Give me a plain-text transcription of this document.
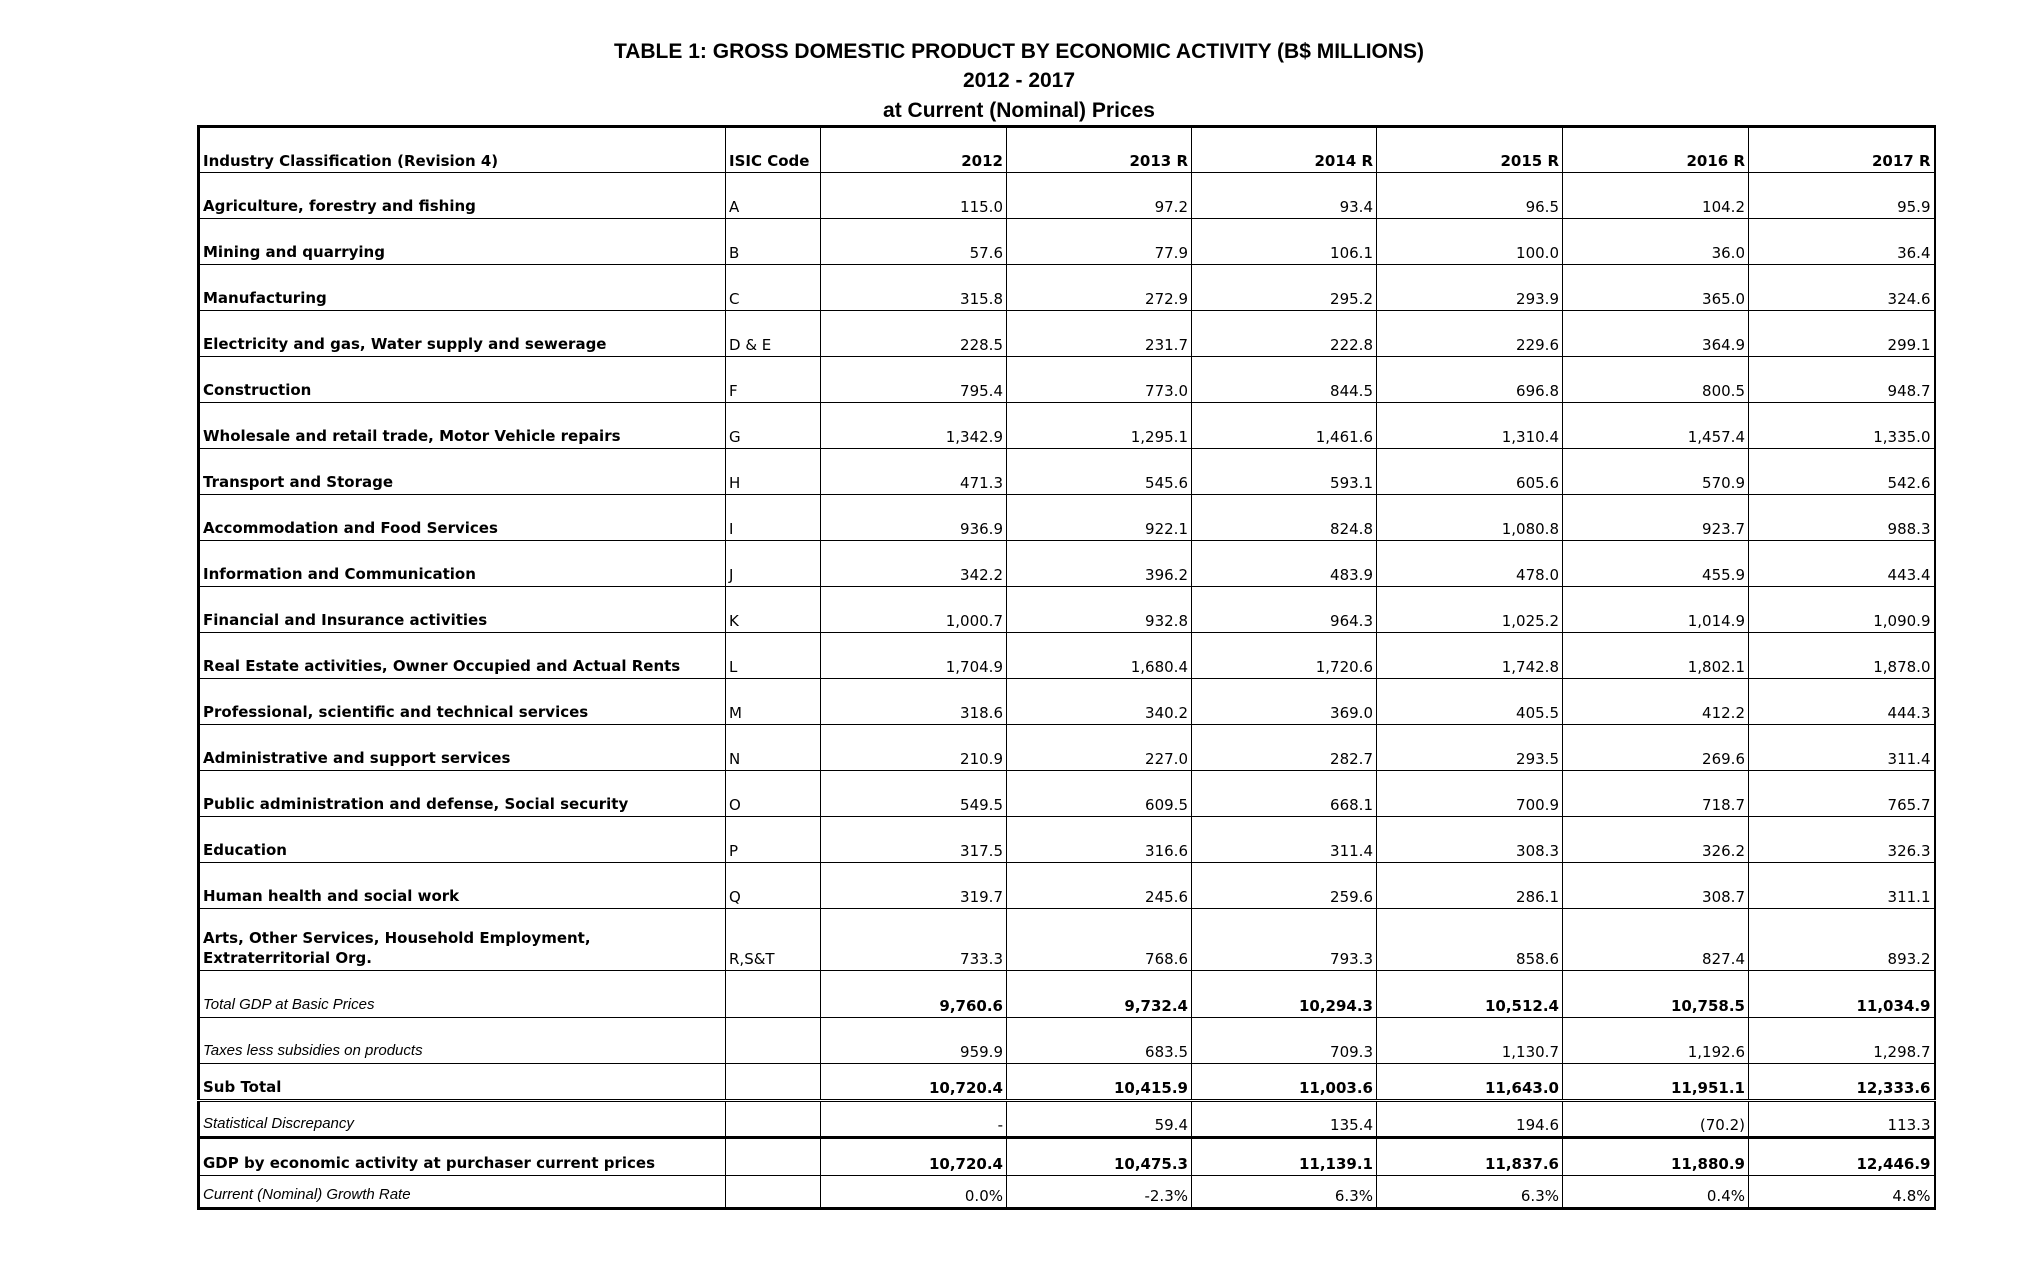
TABLE 1: GROSS DOMESTIC PRODUCT BY ECONOMIC ACTIVITY (B$ MILLIONS)
2012 - 2017
at Current (Nominal) Prices
Industry Classification (Revision 4)	ISIC Code	2012	2013 R	2014 R	2015 R	2016 R	2017 R
Agriculture, forestry and fishing	A	115.0	97.2	93.4	96.5	104.2	95.9
Mining and quarrying	B	57.6	77.9	106.1	100.0	36.0	36.4
Manufacturing	C	315.8	272.9	295.2	293.9	365.0	324.6
Electricity and gas, Water supply and sewerage	D & E	228.5	231.7	222.8	229.6	364.9	299.1
Construction	F	795.4	773.0	844.5	696.8	800.5	948.7
Wholesale and retail trade, Motor Vehicle repairs	G	1,342.9	1,295.1	1,461.6	1,310.4	1,457.4	1,335.0
Transport and Storage	H	471.3	545.6	593.1	605.6	570.9	542.6
Accommodation and Food Services	I	936.9	922.1	824.8	1,080.8	923.7	988.3
Information and Communication	J	342.2	396.2	483.9	478.0	455.9	443.4
Financial and Insurance activities	K	1,000.7	932.8	964.3	1,025.2	1,014.9	1,090.9
Real Estate activities, Owner Occupied and Actual Rents	L	1,704.9	1,680.4	1,720.6	1,742.8	1,802.1	1,878.0
Professional, scientific and technical services	M	318.6	340.2	369.0	405.5	412.2	444.3
Administrative and support services	N	210.9	227.0	282.7	293.5	269.6	311.4
Public administration and defense, Social security	O	549.5	609.5	668.1	700.9	718.7	765.7
Education	P	317.5	316.6	311.4	308.3	326.2	326.3
Human health and social work	Q	319.7	245.6	259.6	286.1	308.7	311.1
Arts, Other Services, Household Employment, Extraterritorial Org.	R,S&T	733.3	768.6	793.3	858.6	827.4	893.2
Total GDP at Basic Prices		9,760.6	9,732.4	10,294.3	10,512.4	10,758.5	11,034.9
Taxes less subsidies on products		959.9	683.5	709.3	1,130.7	1,192.6	1,298.7
Sub Total		10,720.4	10,415.9	11,003.6	11,643.0	11,951.1	12,333.6
Statistical Discrepancy		-	59.4	135.4	194.6	(70.2)	113.3
GDP by economic activity at purchaser current prices		10,720.4	10,475.3	11,139.1	11,837.6	11,880.9	12,446.9
Current (Nominal) Growth Rate		0.0%	-2.3%	6.3%	6.3%	0.4%	4.8%
